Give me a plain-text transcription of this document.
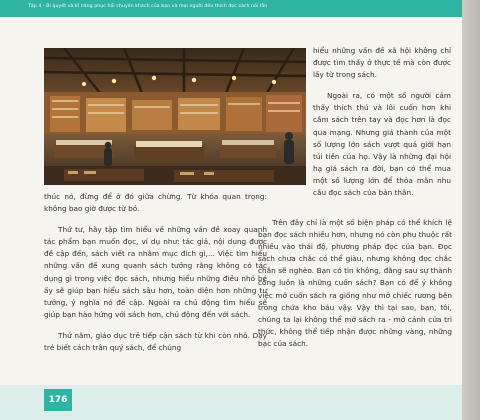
Tập 4 - Bí quyết và kĩ năng phục hồi chuyên khách của bạn và mọi người đều thích đọc sách nói lẫn

thúc nó, đừng để ở đó giữa chừng. Từ khóa quan trọng: không bao giờ được từ bỏ.

Thứ tư, hãy tập tìm hiểu về những vấn đề xoay quanh tác phẩm bạn muốn đọc, ví dụ như: tác giả, nội dung được đề cập đến, sách viết ra nhằm mục đích gì,... Việc tìm hiểu những vấn đề xung quanh sách tưởng rằng không có tác dụng gì trong việc đọc sách, nhưng hiểu những điều nhỏ bé ấy sẽ giúp bạn hiểu sách sâu hơn, toàn diện hơn những tư tưởng, ý nghĩa nó đề cập. Ngoài ra chủ động tìm hiểu sẽ giúp bạn hào hứng với sách hơn, chủ động đến với sách.

Thứ năm, giáo dục trẻ tiếp cận sách từ khi còn nhỏ. Dạy trẻ biết cách trân quý sách, để chúng

hiểu những vấn đề xã hội không chỉ được tìm thấy ở thực tế mà còn được lấy từ trong sách.

Ngoài ra, có một số người cảm thấy thích thú và lôi cuốn hơn khi cầm sách trên tay và đọc hơn là đọc qua mạng. Nhưng giá thành của một số lượng lớn sách vượt quá giới hạn túi tiền của họ. Vậy là những đại hội hạ giá sách ra đời, bạn có thể mua một số lượng lớn để thỏa mãn nhu cầu đọc sách của bản thân.

Trên đây chỉ là một số biện pháp có thể khích lệ bạn đọc sách nhiều hơn, nhưng nó còn phụ thuộc rất nhiều vào thái độ, phương pháp đọc của bạn. Đọc sách chưa chắc có thể giàu, nhưng không đọc chắc chắn sẽ nghèo. Bạn có tin không, đằng sau sự thành công luôn là những cuốn sách? Bạn có để ý không việc mở cuốn sách ra giống như mở chiếc rương bên trong chứa kho báu vậy. Vậy thì tại sao, bạn, tôi, chúng ta lại không thể mở sách ra - mở cánh cửa tri thức, không thể tiếp nhận được những vàng, những bạc của sách.

176
